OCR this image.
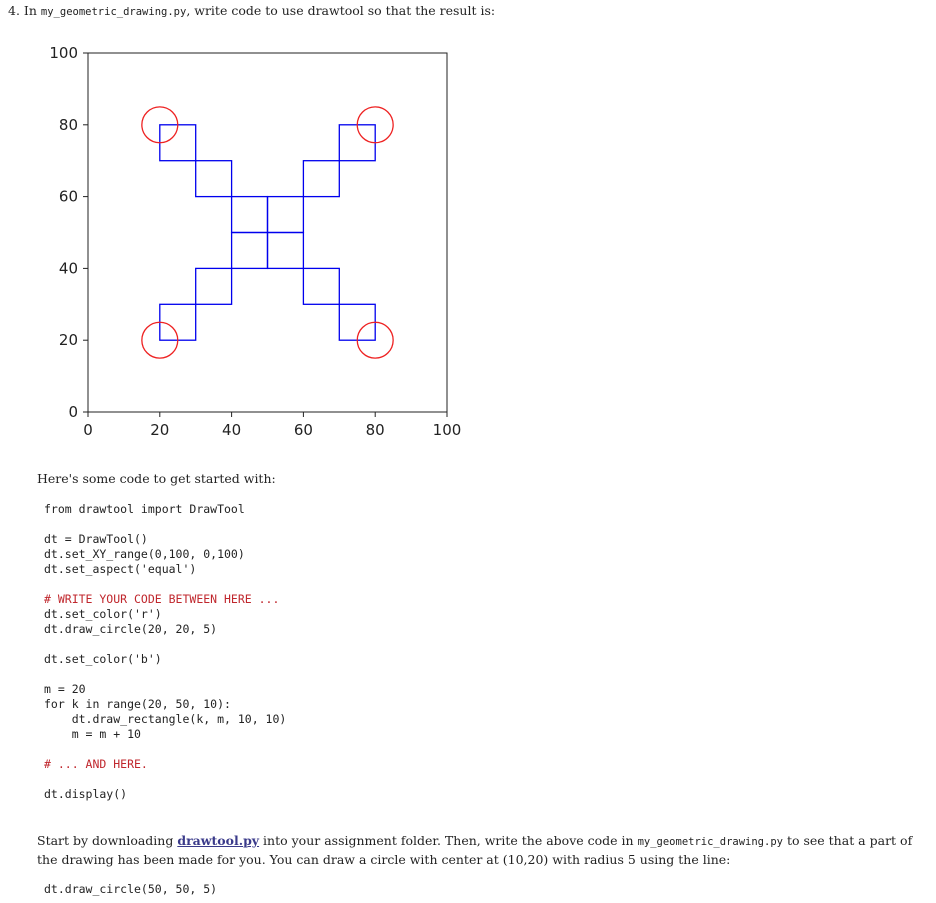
4. In my_geometric_drawing.py, write code to use drawtool so that the result is:
0	20	40	60	80	100
0
20
40
60
80
100
Here's some code to get started with:
from drawtool import DrawTool
dt = DrawTool()
dt.set_XY_range(0,100, 0,100)
dt.set_aspect('equal')
# WRITE YOUR CODE BETWEEN HERE ...
dt.set_color('r')
dt.draw_circle(20, 20, 5)
dt.set_color('b')
m = 20
for k in range(20, 50, 10):
dt.draw_rectangle(k, m, 10, 10)
m = m + 10
# ... AND HERE.
dt.display()
Start by downloading drawtool.py into your assignment folder. Then, write the above code in my_geometric_drawing.py to see that a part of the drawing has been made for you. You can draw a circle with center at (10,20) with radius 5 using the line:
dt.draw_circle(50, 50, 5)
